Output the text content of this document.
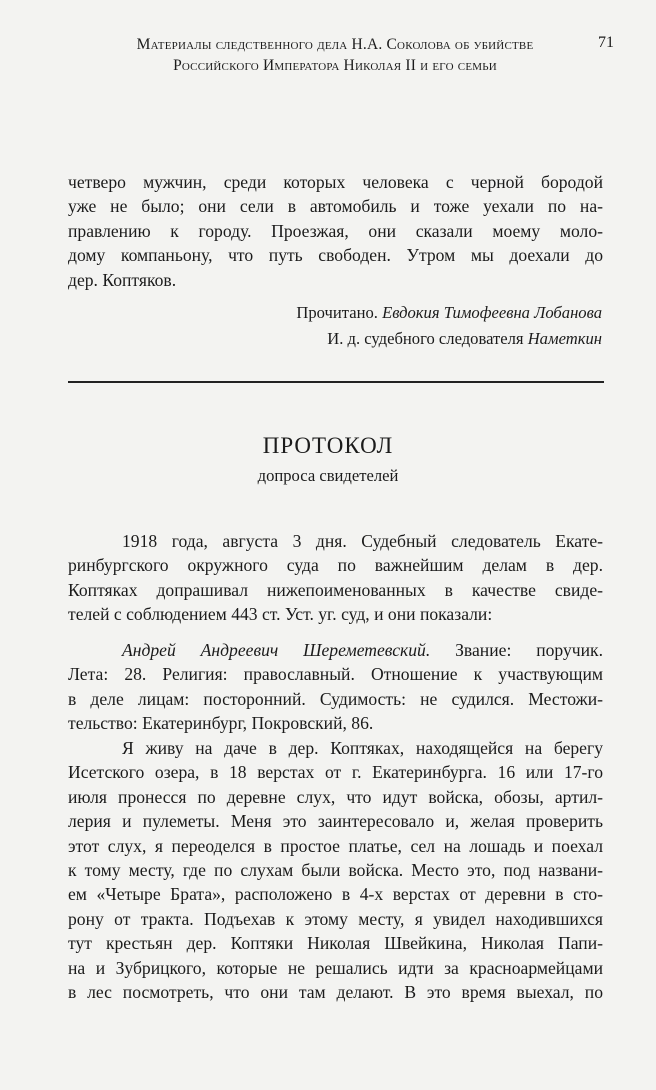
Материалы следственного дела Н.А. Соколова об убийстве
Российского Императора Николая II и его семьи
71
четверо мужчин, среди которых человека с черной бородой
уже не было; они сели в автомобиль и тоже уехали по на-
правлению к городу. Проезжая, они сказали моему моло-
дому компаньону, что путь свободен. Утром мы доехали до
дер. Коптяков.
Прочитано. Евдокия Тимофеевна Лобанова
И. д. судебного следователя Наметкин
ПРОТОКОЛ
допроса свидетелей
1918 года, августа 3 дня. Судебный следователь Екате-
ринбургского окружного суда по важнейшим делам в дер.
Коптяках допрашивал нижепоименованных в качестве свиде-
телей с соблюдением 443 ст. Уст. уг. суд, и они показали:
Андрей Андреевич Шереметевский. Звание: поручик.
Лета: 28. Религия: православный. Отношение к участвующим
в деле лицам: посторонний. Судимость: не судился. Местожи-
тельство: Екатеринбург, Покровский, 86.
Я живу на даче в дер. Коптяках, находящейся на берегу
Исетского озера, в 18 верстах от г. Екатеринбурга. 16 или 17-го
июля пронесся по деревне слух, что идут войска, обозы, артил-
лерия и пулеметы. Меня это заинтересовало и, желая проверить
этот слух, я переоделся в простое платье, сел на лошадь и поехал
к тому месту, где по слухам были войска. Место это, под названи-
ем «Четыре Брата», расположено в 4-х верстах от деревни в сто-
рону от тракта. Подъехав к этому месту, я увидел находившихся
тут крестьян дер. Коптяки Николая Швейкина, Николая Папи-
на и Зубрицкого, которые не решались идти за красноармейцами
в лес посмотреть, что они там делают. В это время выехал, по
